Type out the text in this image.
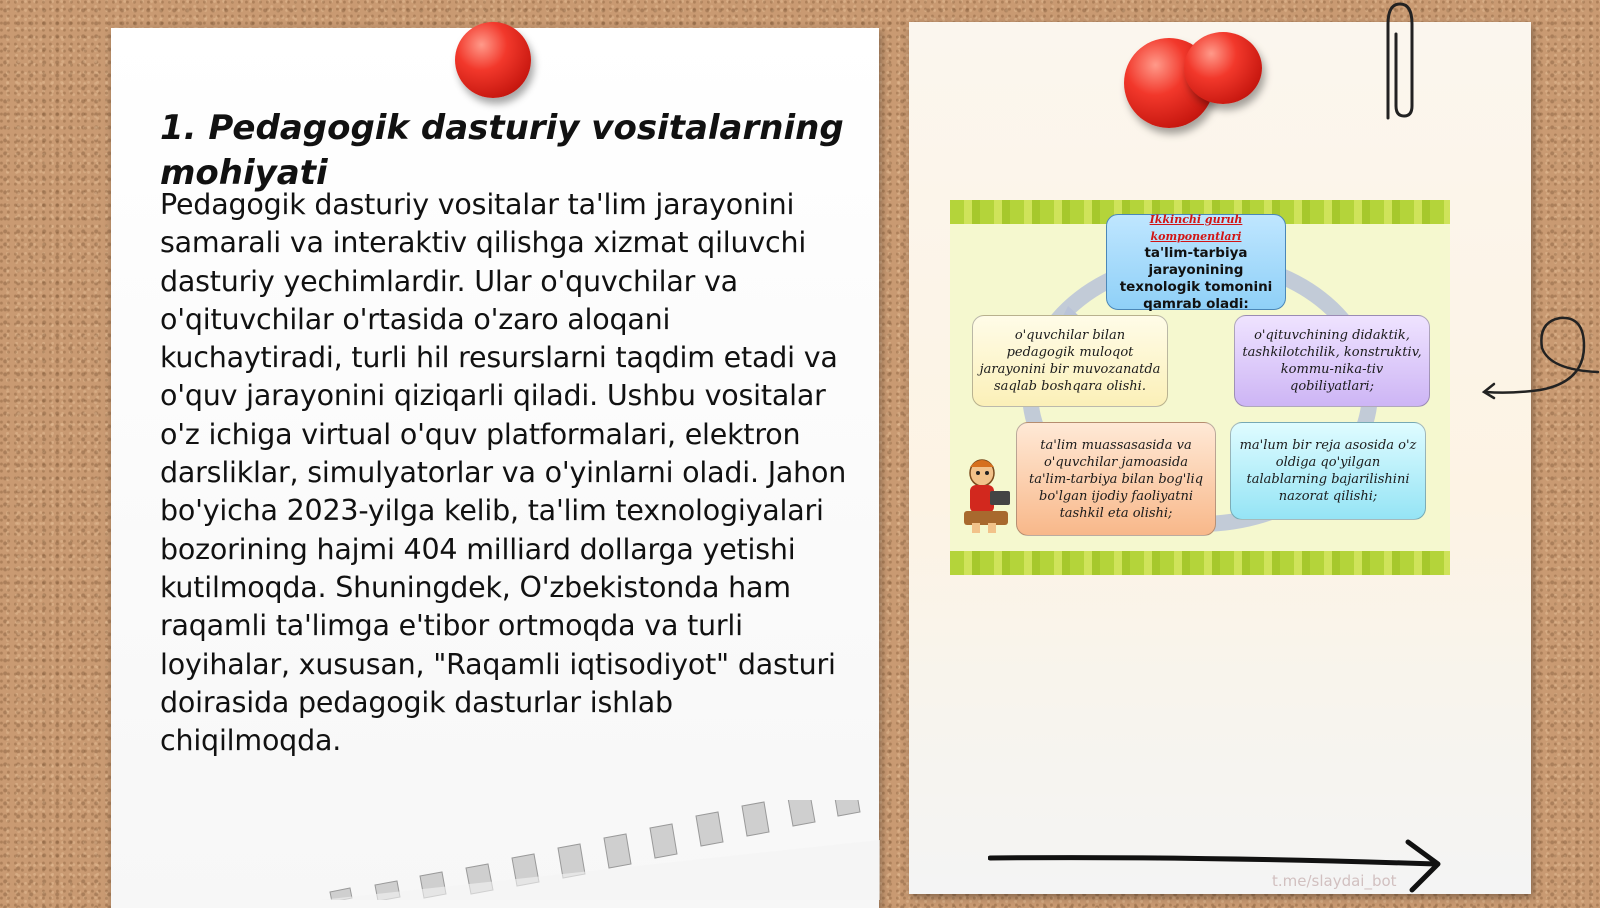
1. Pedagogik dasturiy vositalarning mohiyati

Pedagogik dasturiy vositalar ta'lim jarayonini samarali va interaktiv qilishga xizmat qiluvchi dasturiy yechimlardir. Ular o'quvchilar va o'qituvchilar o'rtasida o'zaro aloqani kuchaytiradi, turli hil resurslarni taqdim etadi va o'quv jarayonini qiziqarli qiladi. Ushbu vositalar o'z ichiga virtual o'quv platformalari, elektron darsliklar, simulyatorlar va o'yinlarni oladi. Jahon bo'yicha 2023-yilga kelib, ta'lim texnologiyalari bozorining hajmi 404 milliard dollarga yetishi kutilmoqda. Shuningdek, O'zbekistonda ham raqamli ta'limga e'tibor ortmoqda va turli loyihalar, xususan, "Raqamli iqtisodiyot" dasturi doirasida pedagogik dasturlar ishlab chiqilmoqda.

Ikkinchi guruh komponentlari
ta'lim-tarbiya jarayonining texnologik tomonini qamrab oladi:
o'quvchilar bilan pedagogik muloqot jarayonini bir muvozanatda saqlab boshqara olishi.
o'qituvchining didaktik, tashkilotchilik, konstruktiv, kommu-nika-tiv qobiliyatlari;
ta'lim muassasasida va o'quvchilar jamoasida ta'lim-tarbiya bilan bog'liq bo'lgan ijodiy faoliyatni tashkil eta olishi;
ma'lum bir reja asosida o'z oldiga qo'yilgan talablarning bajarilishini nazorat qilishi;
t.me/slaydai_bot
